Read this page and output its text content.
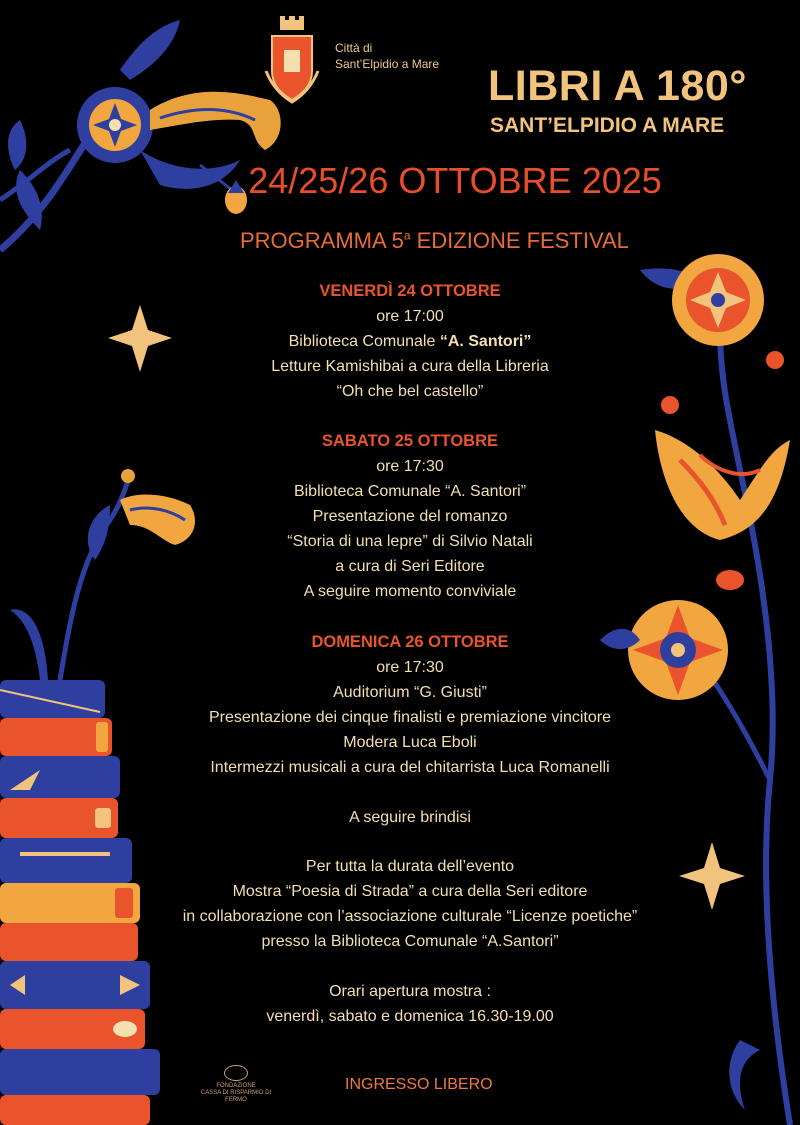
Città di
Sant’Elpidio a Mare LIBRI A 180°
SANT’ELPIDIO A MARE
24/25/26 OTTOBRE 2025
PROGRAMMA 5$^a$ EDIZIONE FESTIVAL
VENERDÌ 24 OTTOBRE
ore 17:00
Biblioteca Comunale “A. Santori”
Letture Kamishibai a cura della Libreria
“Oh che bel castello”
SABATO 25 OTTOBRE
ore 17:30
Biblioteca Comunale “A. Santori”
Presentazione del romanzo
“Storia di una lepre” di Silvio Natali
a cura di Seri Editore
A seguire momento conviviale
DOMENICA 26 OTTOBRE
ore 17:30
Auditorium “G. Giusti”
Presentazione dei cinque finalisti e premiazione vincitore
Modera Luca Eboli
Intermezzi musicali a cura del chitarrista Luca Romanelli
A seguire brindisi
Per tutta la durata dell’evento
Mostra “Poesia di Strada” a cura della Seri editore
in collaborazione con l’associazione culturale “Licenze poetiche”
presso la Biblioteca Comunale “A.Santori”
Orari apertura mostra :
venerdì, sabato e domenica 16.30-19.00
FONDAZIONE
CASSA DI RISPARMIO DI FERMO
INGRESSO LIBERO
